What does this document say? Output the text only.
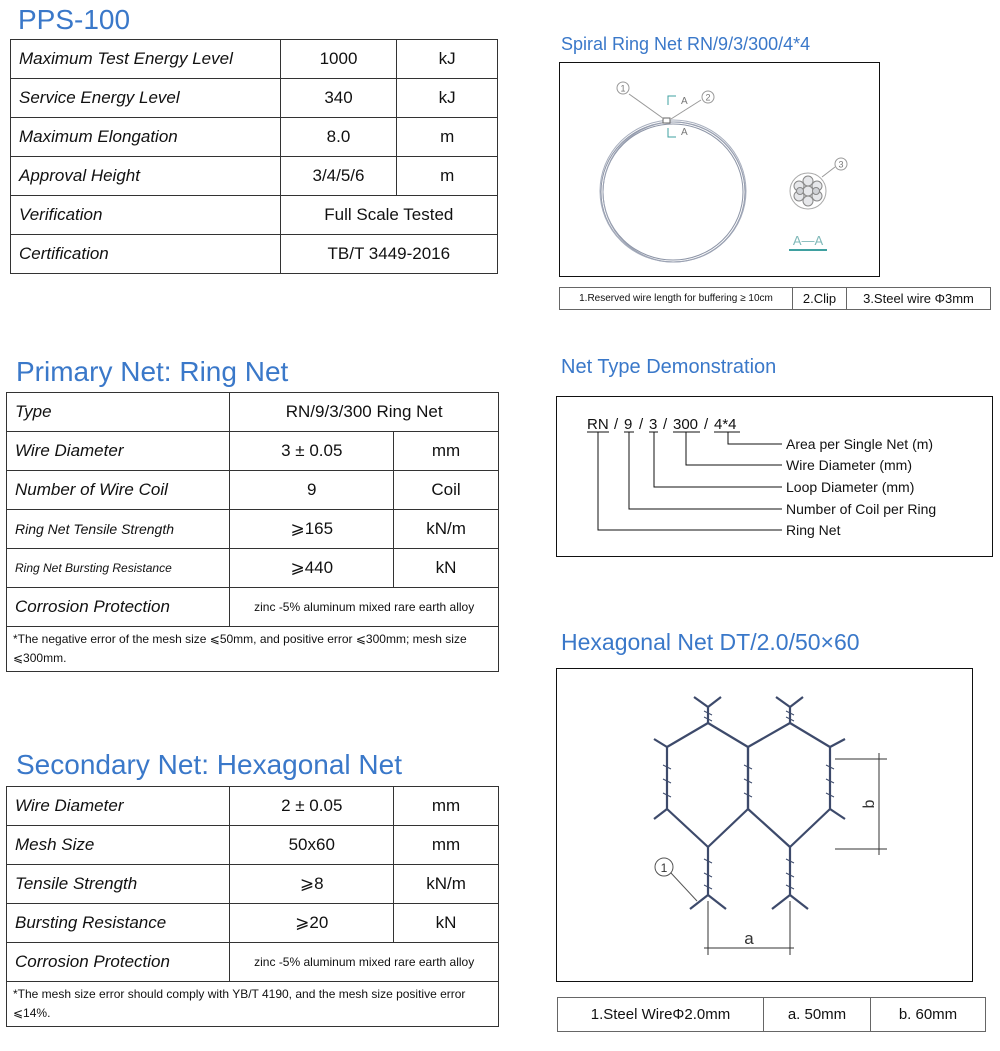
PPS-100
Maximum Test Energy Level	1000	kJ
Service Energy Level	340	kJ
Maximum Elongation	8.0	m
Approval Height	3/4/5/6	m
Verification	Full Scale Tested	
Certification	TB/T 3449-2016	
Primary Net: Ring Net
Type	RN/9/3/300 Ring Net	
Wire Diameter	3 ± 0.05	mm
Number of Wire Coil	9	Coil
Ring Net Tensile Strength	⩾165	kN/m
Ring Net Bursting Resistance	⩾440	kN
Corrosion Protection	zinc -5% aluminum mixed rare earth alloy	
*The negative error of the mesh size ⩽50mm, and positive error ⩽300mm; mesh size ⩽300mm.		
Secondary Net: Hexagonal Net
Wire Diameter	2 ± 0.05	mm
Mesh Size	50x60	mm
Tensile Strength	⩾8	kN/m
Bursting Resistance	⩾20	kN
Corrosion Protection	zinc -5% aluminum mixed rare earth alloy	
*The mesh size error should comply with YB/T 4190, and the mesh size positive error ⩽14%.		
Spiral Ring Net RN/9/3/300/4*4
A
A
1
2
3
A—A
1.Reserved wire length for buffering ≥ 10cm	2.Clip	3.Steel wire Φ3mm
Net Type Demonstration
RN / 9 / 3 / 300 / 4*4
Area per Single Net (m)
Wire Diameter (mm)
Loop Diameter (mm)
Number of Coil per Ring
Ring Net
Hexagonal Net DT/2.0/50×60
b
a
1
1.Steel WireΦ2.0mm	a. 50mm	b. 60mm
